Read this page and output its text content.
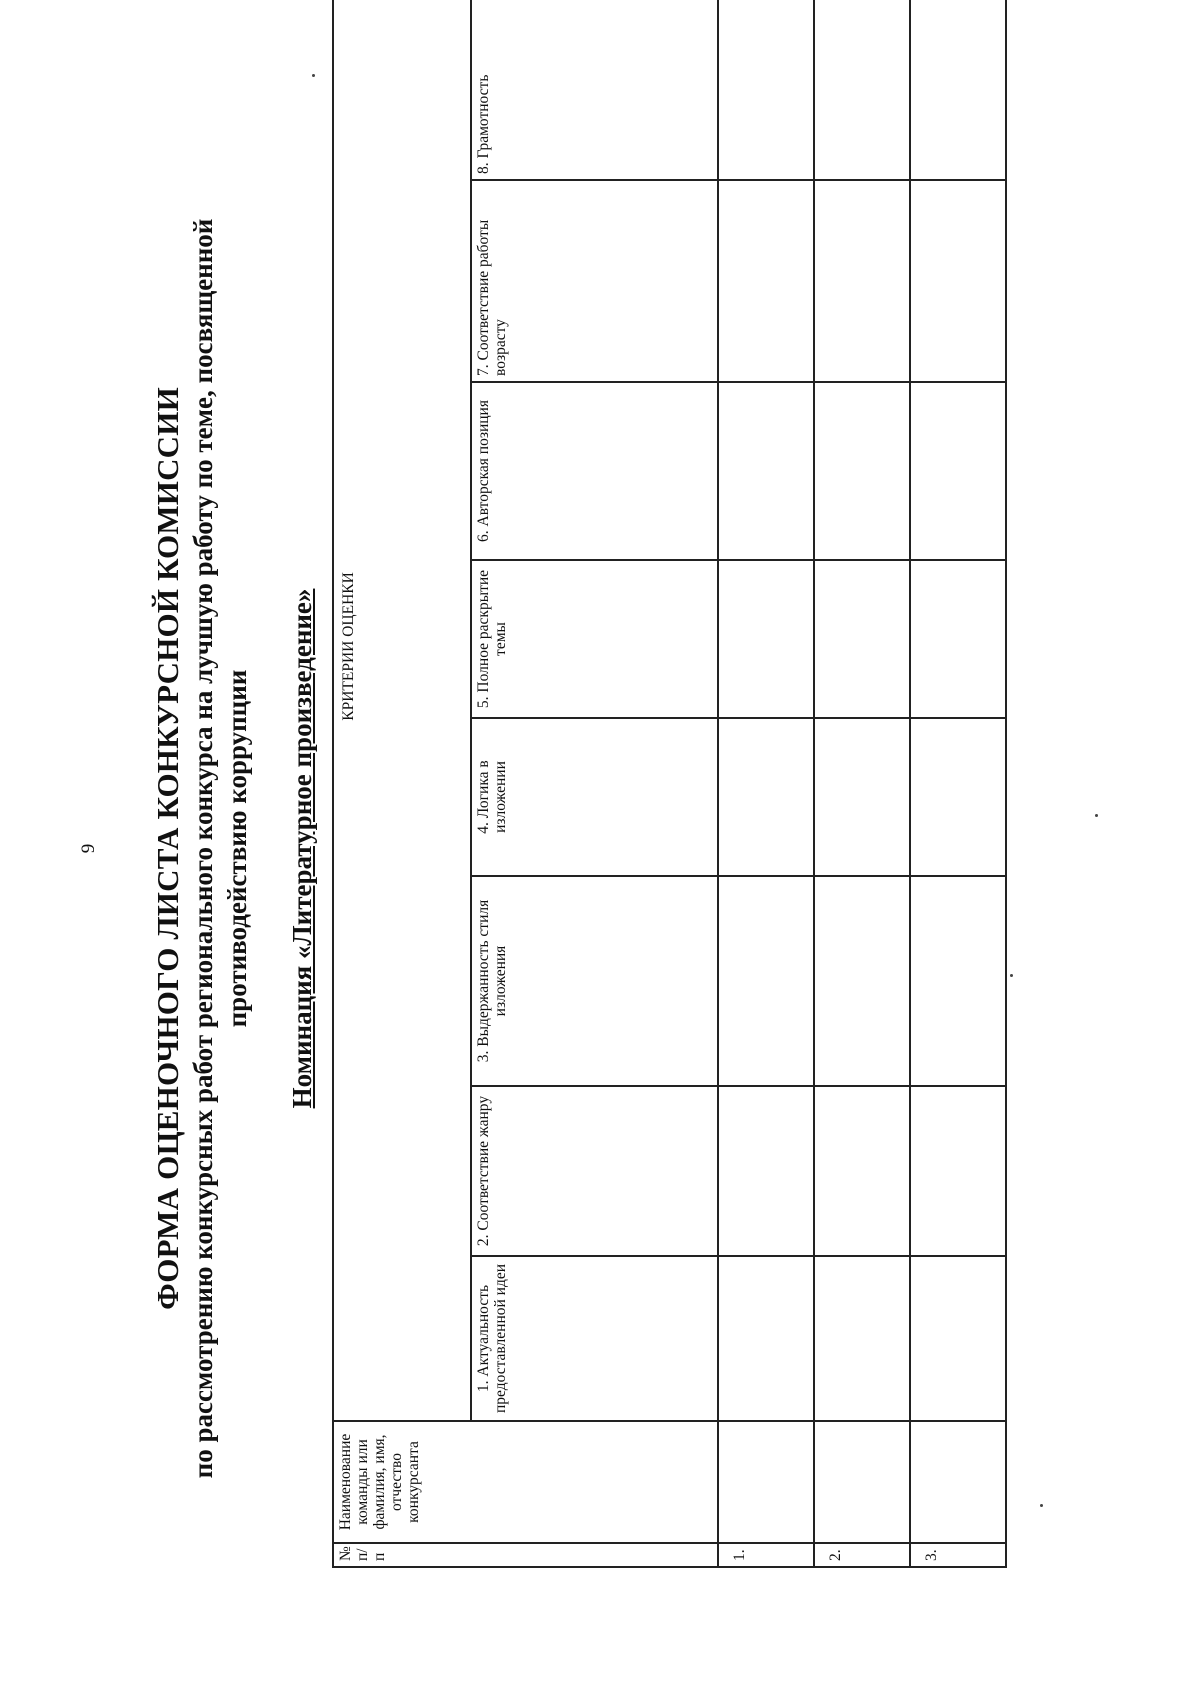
9 ФОРМА ОЦЕНОЧНОГО ЛИСТА КОНКУРСНОЙ КОМИССИИ по рассмотрению конкурсных работ регионального конкурса на лучшую работу по теме, посвященной противодействию коррупции Номинация «Литературное произведение»
№ п/п	Наименование команды или фамилия, имя, отчество конкурсанта	КРИТЕРИИ ОЦЕНКИ								
		1. Актуальность предоставленной идеи	2. Соответствие жанру	3. Выдержанность стиля изложения	4. Логика в изложении	5. Полное раскрытие темы	6. Авторская позиция	7. Соответствие работы возрасту	8. Грамотность	
1.										
2.										
3.										
